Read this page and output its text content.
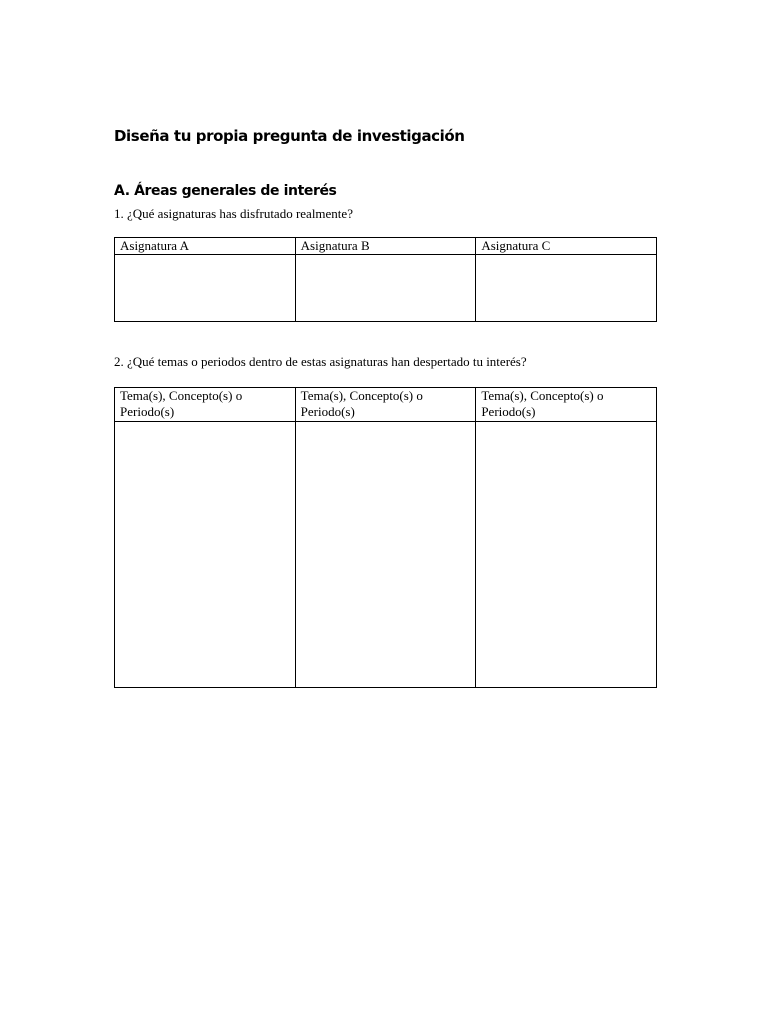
Diseña tu propia pregunta de investigación
A. Áreas generales de interés

1. ¿Qué asignaturas has disfrutado realmente?

Asignatura A	Asignatura B	Asignatura C

2. ¿Qué temas o periodos dentro de estas asignaturas han despertado tu interés?

Tema(s), Concepto(s) o Periodo(s)	Tema(s), Concepto(s) o Periodo(s)	Tema(s), Concepto(s) o Periodo(s)
